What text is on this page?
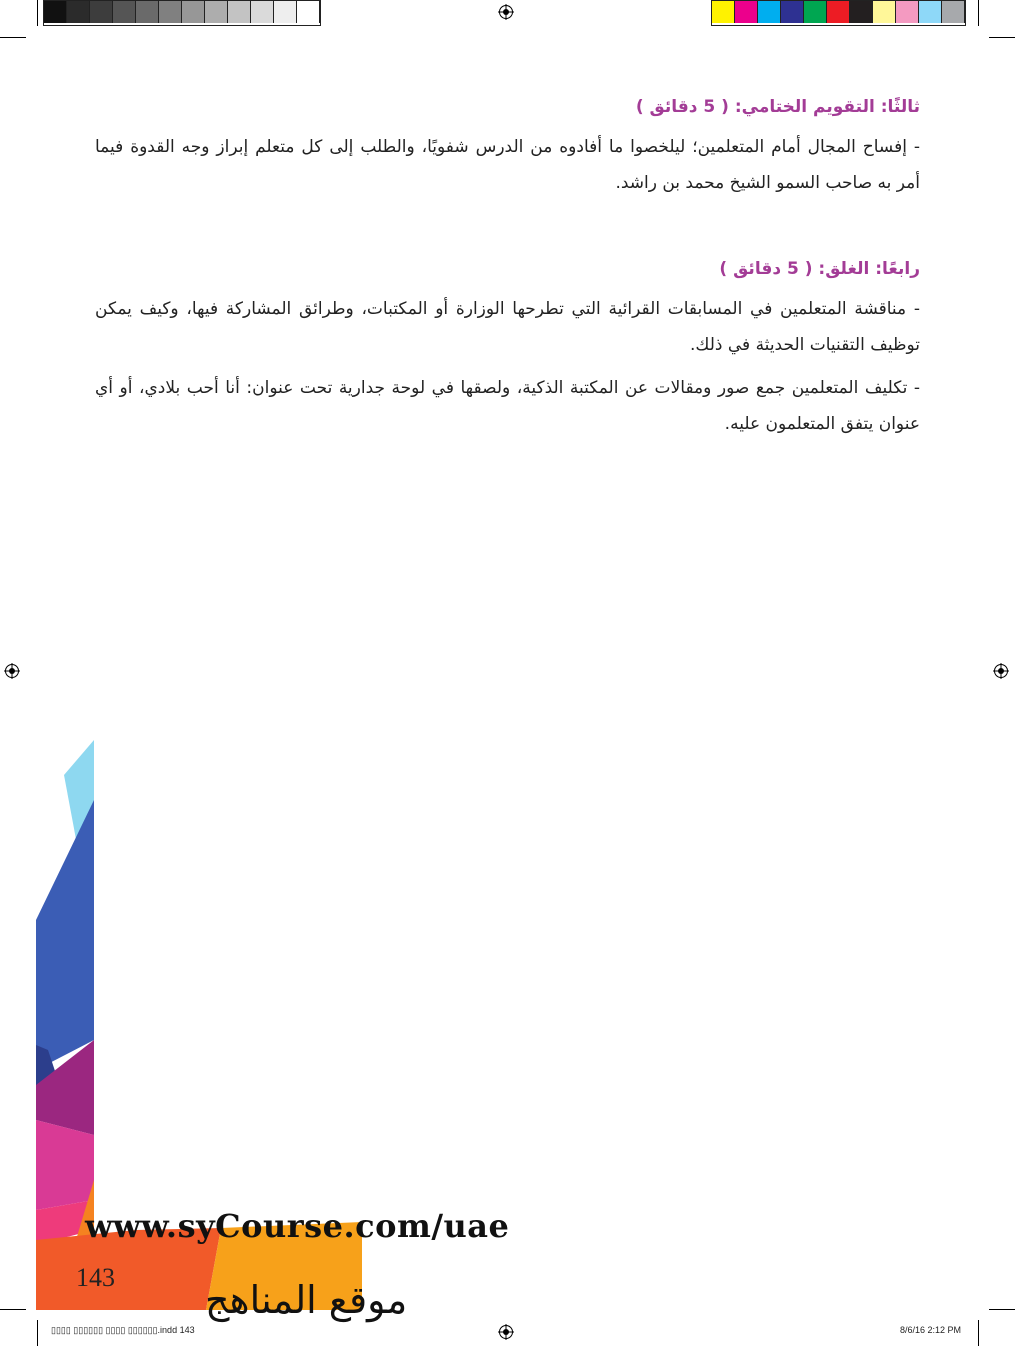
ثالثًا: التقويم الختامي: ( 5 دقائق )

- إفساح المجال أمام المتعلمين؛ ليلخصوا ما أفادوه من الدرس شفويًا، والطلب إلى كل متعلم إبراز وجه القدوة فيما أمر به صاحب السمو الشيخ محمد بن راشد.

رابعًا: الغلق: ( 5 دقائق )

- مناقشة المتعلمين في المسابقات القرائية التي تطرحها الوزارة أو المكتبات، وطرائق المشاركة فيها، وكيف يمكن توظيف التقنيات الحديثة في ذلك.

- تكليف المتعلمين جمع صور ومقالات عن المكتبة الذكية، ولصقها في لوحة جدارية تحت عنوان: أنا أحب بلادي، أو أي عنوان يتفق المتعلمون عليه.

www.syCourse.com/uae
143
موقع المناهج
▯▯▯▯ ▯▯▯▯▯▯ ▯▯▯▯ ▯▯▯▯▯▯.indd 143	8/6/16 2:12 PM
